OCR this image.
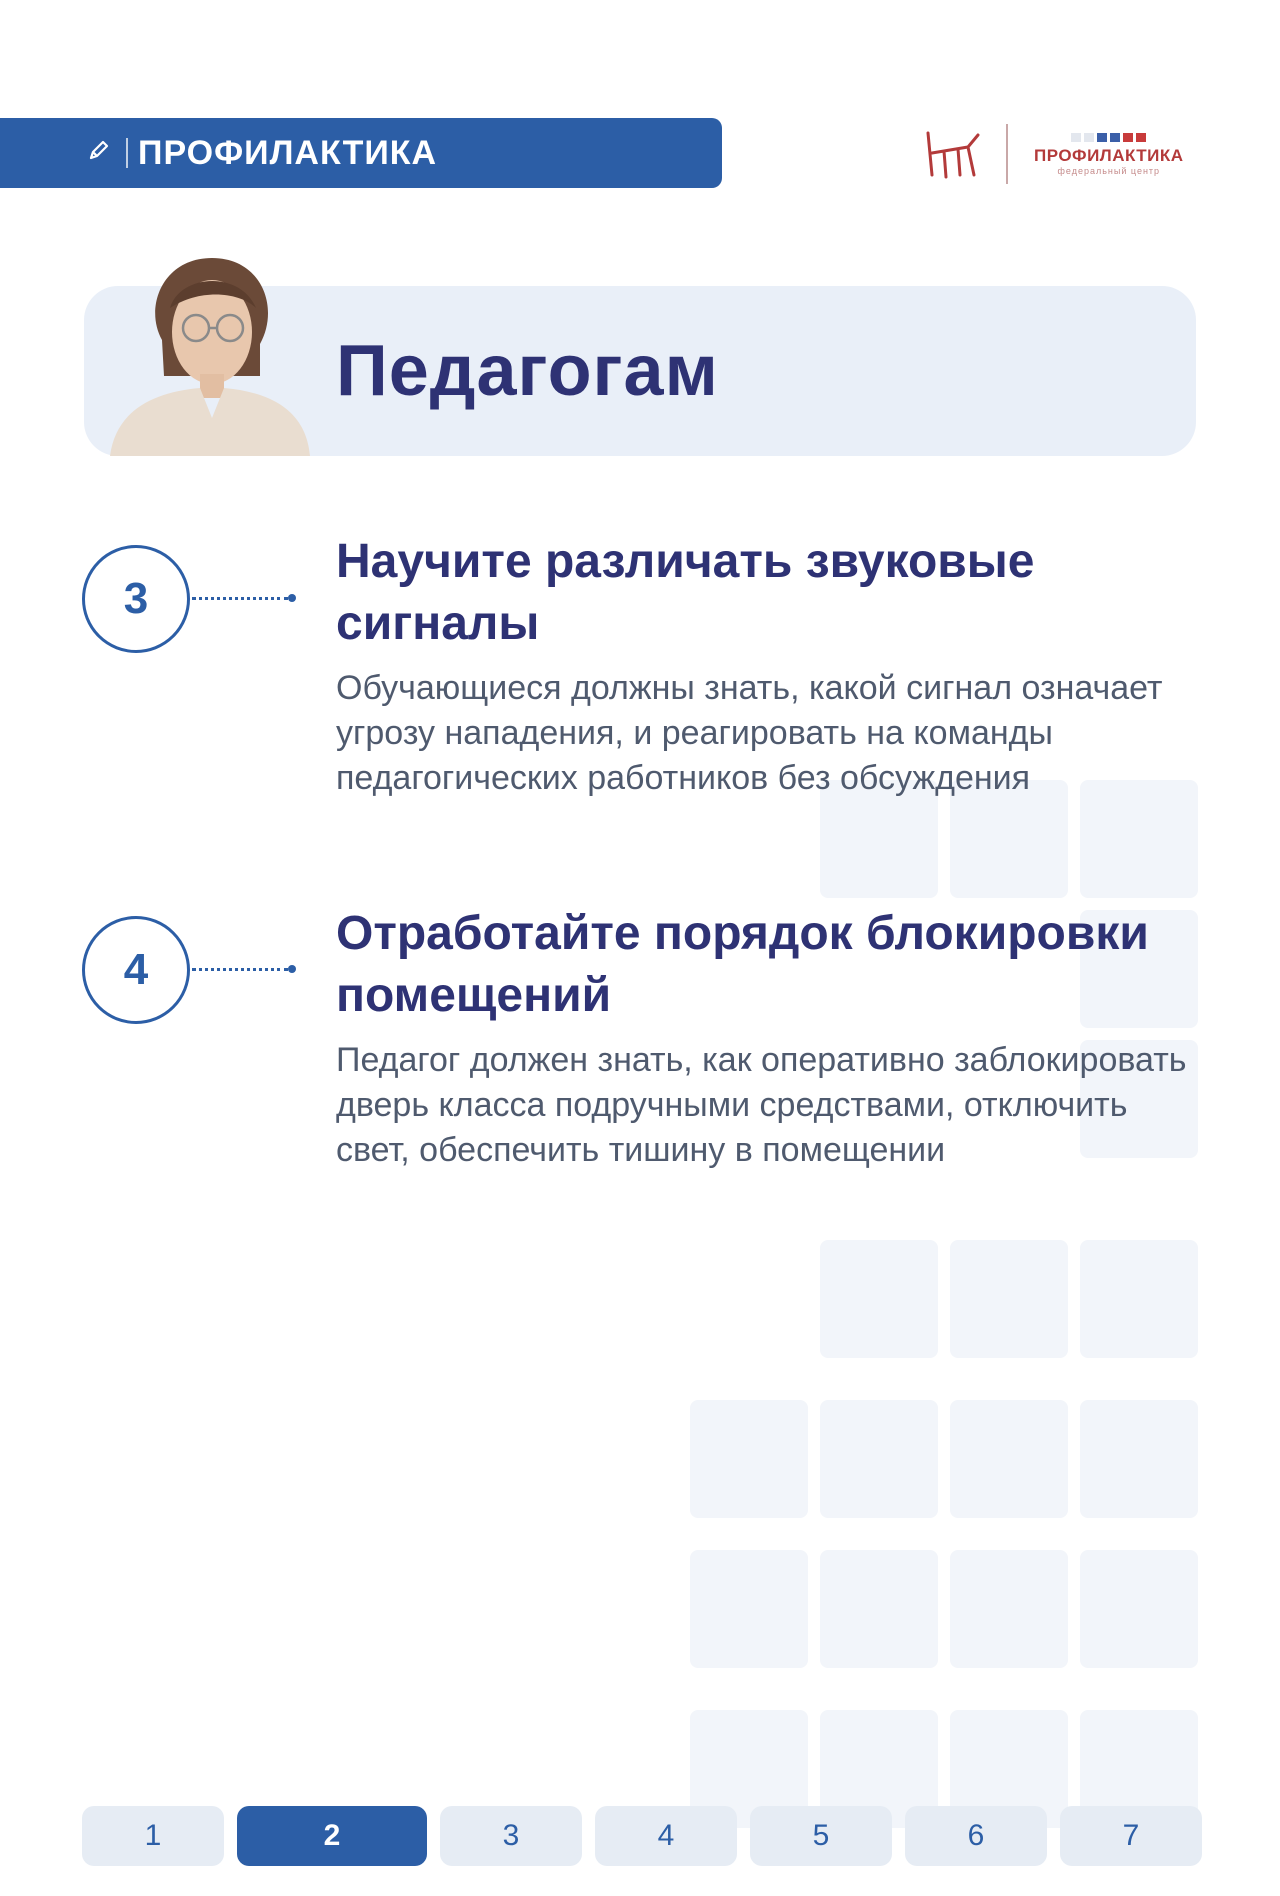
ПРОФИЛАКТИКА	ПРОФИЛАКТИКА
федеральный центр
Педагогам
3
Научите различать звуковые сигналы
Обучающиеся должны знать, какой сигнал означает угрозу нападения, и реагировать на команды педагогических работников без обсуждения
4
Отработайте порядок блокировки помещений
Педагог должен знать, как оперативно заблокировать дверь класса подручными средствами, отключить свет, обеспечить тишину в помещении
1	2	3	4	5	6	7
